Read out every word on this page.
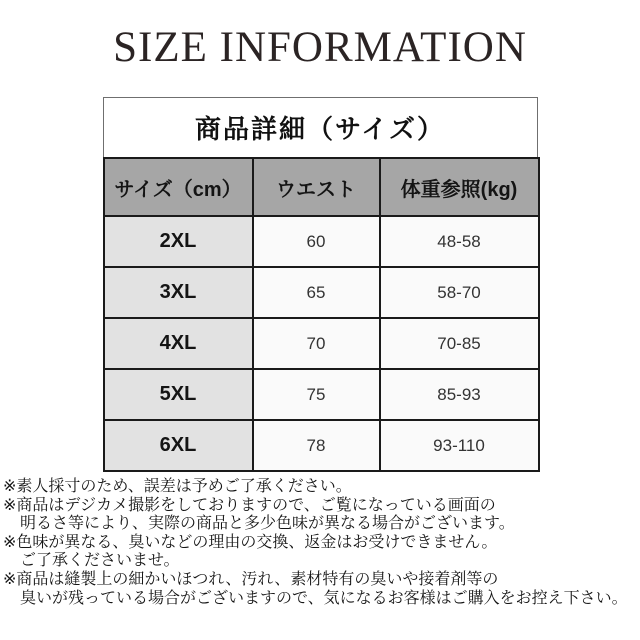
SIZE INFORMATION
商品詳細（サイズ）
サイズ（cm）	ウエスト	体重参照(kg)
2XL	60	48-58
3XL	65	58-70
4XL	70	70-85
5XL	75	85-93
6XL	78	93-110
※素人採寸のため、誤差は予めご了承ください。
※商品はデジカメ撮影をしておりますので、ご覧になっている画面の
明るさ等により、実際の商品と多少色味が異なる場合がございます。
※色味が異なる、臭いなどの理由の交換、返金はお受けできません。
ご了承くださいませ。
※商品は縫製上の細かいほつれ、汚れ、素材特有の臭いや接着剤等の
臭いが残っている場合がございますので、気になるお客様はご購入をお控え下さい。
